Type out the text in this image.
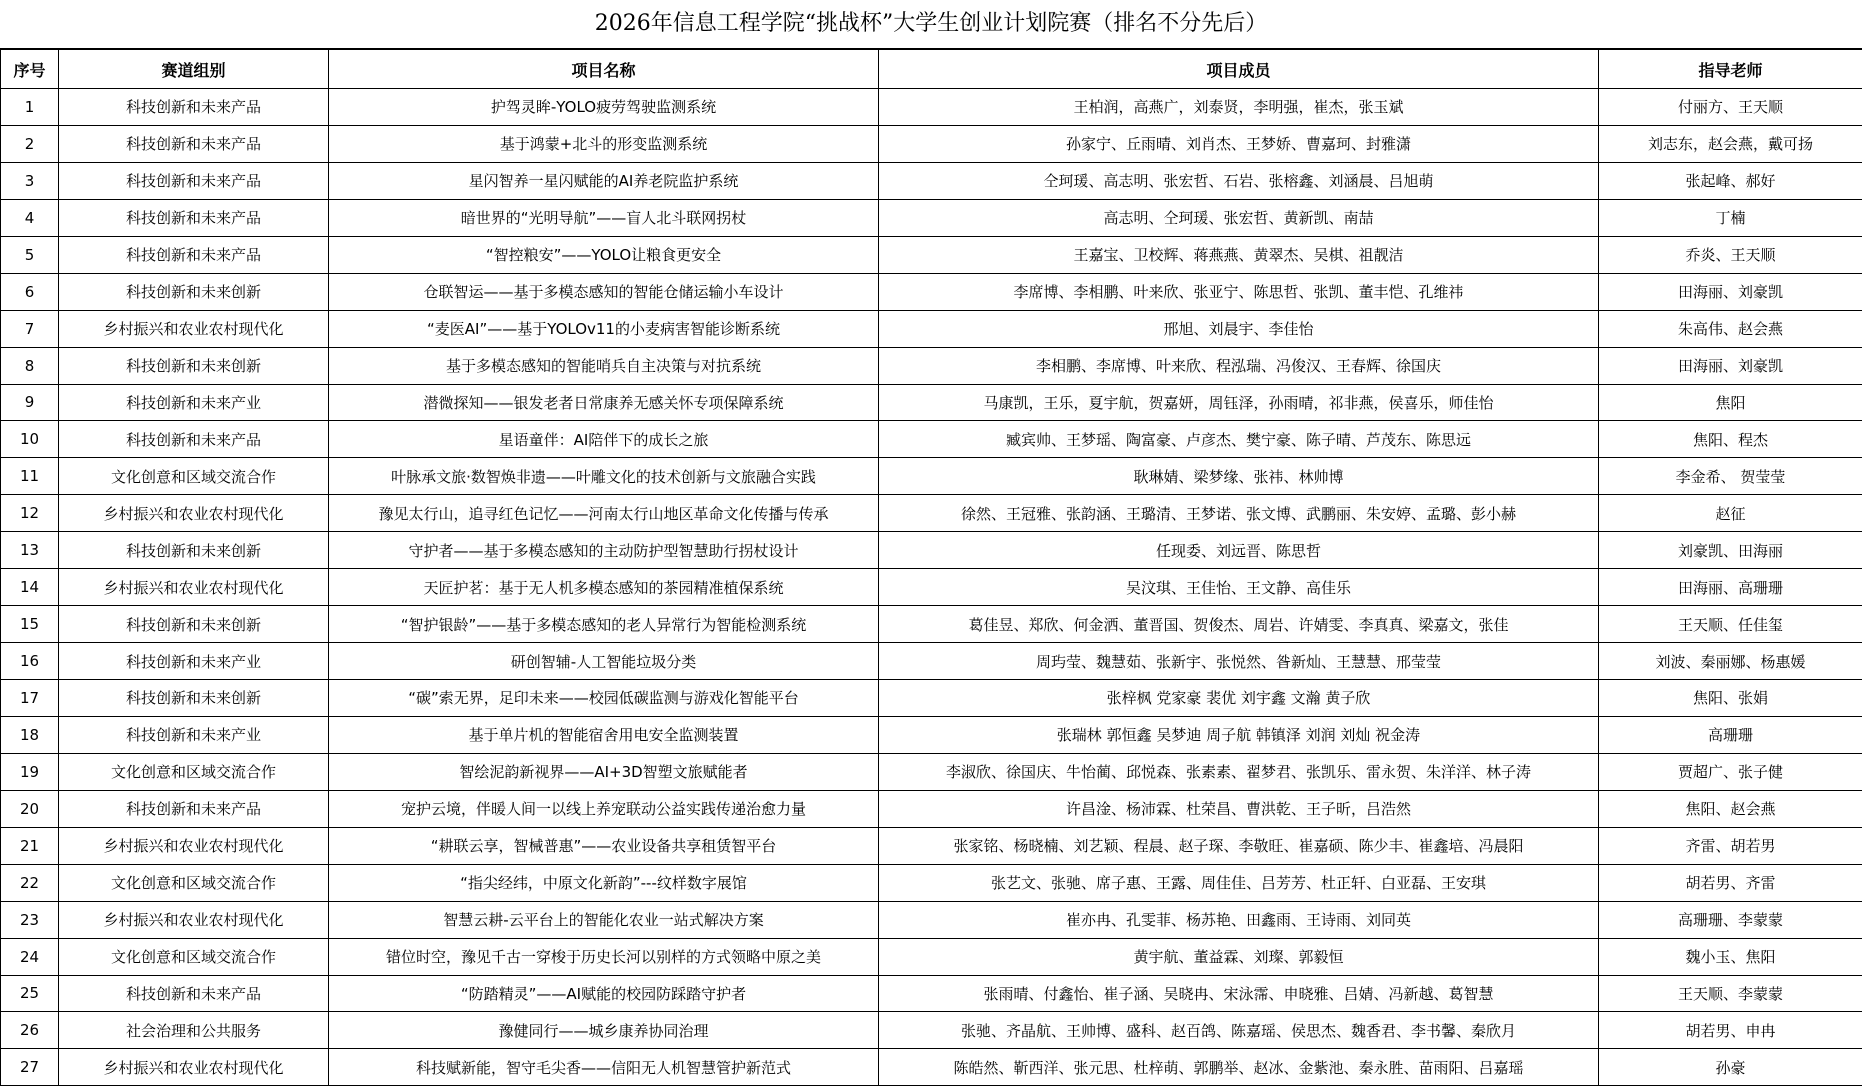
2026年信息工程学院“挑战杯”大学生创业计划院赛（排名不分先后）
序号	赛道组别	项目名称	项目成员	指导老师
1	科技创新和未来产品	护驾灵眸-YOLO疲劳驾驶监测系统	王柏润，高燕广，刘泰贤，李明强，崔杰，张玉斌	付丽方、王天顺
2	科技创新和未来产品	基于鸿蒙+北斗的形变监测系统	孙家宁、丘雨晴、刘肖杰、王梦娇、曹嘉珂、封雅潇	刘志东，赵会燕，戴可扬
3	科技创新和未来产品	星闪智养一星闪赋能的AI养老院监护系统	仝珂瑗、高志明、张宏哲、石岩、张榕鑫、刘涵晨、吕旭萌	张起峰、郝好
4	科技创新和未来产品	暗世界的“光明导航”——盲人北斗联网拐杖	高志明、仝珂瑗、张宏哲、黄新凯、南喆	丁楠
5	科技创新和未来产品	“智控粮安”——YOLO让粮食更安全	王嘉宝、卫校辉、蒋燕燕、黄翠杰、吴棋、祖靓洁	乔炎、王天顺
6	科技创新和未来创新	仓联智运——基于多模态感知的智能仓储运输小车设计	李席博、李相鹏、叶来欣、张亚宁、陈思哲、张凯、董丰恺、孔维祎	田海丽、刘豪凯
7	乡村振兴和农业农村现代化	“麦医AI”——基于YOLOv11的小麦病害智能诊断系统	邢旭、刘晨宇、李佳怡	朱高伟、赵会燕
8	科技创新和未来创新	基于多模态感知的智能哨兵自主决策与对抗系统	李相鹏、李席博、叶来欣、程泓瑞、冯俊汉、王春辉、徐国庆	田海丽、刘豪凯
9	科技创新和未来产业	潜微探知——银发老者日常康养无感关怀专项保障系统	马康凯，王乐，夏宇航，贺嘉妍，周钰泽，孙雨晴，祁非燕，侯喜乐，师佳怡	焦阳
10	科技创新和未来产品	星语童伴：AI陪伴下的成长之旅	臧宾帅、王梦瑶、陶富豪、卢彦杰、樊宁豪、陈子晴、芦茂东、陈思远	焦阳、程杰
11	文化创意和区域交流合作	叶脉承文旅·数智焕非遗——叶雕文化的技术创新与文旅融合实践	耿琳婧、梁梦缘、张祎、林帅博	李金希、 贺莹莹
12	乡村振兴和农业农村现代化	豫见太行山，追寻红色记忆——河南太行山地区革命文化传播与传承	徐然、王冠雅、张韵涵、王璐清、王梦诺、张文博、武鹏丽、朱安婷、孟璐、彭小赫	赵征
13	科技创新和未来创新	守护者——基于多模态感知的主动防护型智慧助行拐杖设计	任现委、刘远晋、陈思哲	刘豪凯、田海丽
14	乡村振兴和农业农村现代化	天匠护茗：基于无人机多模态感知的茶园精准植保系统	吴汶琪、王佳怡、王文静、高佳乐	田海丽、高珊珊
15	科技创新和未来创新	“智护银龄”——基于多模态感知的老人异常行为智能检测系统	葛佳昱、郑欣、何金洒、董晋国、贺俊杰、周岩、许婧雯、李真真、梁嘉文，张佳	王天顺、任佳玺
16	科技创新和未来产业	研创智辅-人工智能垃圾分类	周玙莹、魏慧茹、张新宇、张悦然、昝新灿、王慧慧、邢莹莹	刘波、秦丽娜、杨惠媛
17	科技创新和未来创新	“碳”索无界，足印未来——校园低碳监测与游戏化智能平台	张梓枫 党家豪 裴优 刘宇鑫 文瀚 黄子欣	焦阳、张娟
18	科技创新和未来产业	基于单片机的智能宿舍用电安全监测装置	张瑞林 郭恒鑫 吴梦迪 周子航 韩镇泽 刘润 刘灿 祝金涛	高珊珊
19	文化创意和区域交流合作	智绘泥韵新视界——AI+3D智塑文旅赋能者	李淑欣、徐国庆、牛怡蔺、邱悦森、张素素、翟梦君、张凯乐、雷永贺、朱洋洋、林子涛	贾超广、张子健
20	科技创新和未来产品	宠护云境，伴暖人间一以线上养宠联动公益实践传递治愈力量	许昌淦、杨沛霖、杜荣昌、曹洪乾、王子昕，吕浩然	焦阳、赵会燕
21	乡村振兴和农业农村现代化	“耕联云享，智械普惠”——农业设备共享租赁智平台	张家铭、杨晓楠、刘艺颖、程晨、赵子琛、李敬旺、崔嘉硕、陈少丰、崔鑫培、冯晨阳	齐雷、胡若男
22	文化创意和区域交流合作	“指尖经纬，中原文化新韵”---纹样数字展馆	张艺文、张驰、席子惠、王露、周佳佳、吕芳芳、杜正轩、白亚磊、王安琪	胡若男、齐雷
23	乡村振兴和农业农村现代化	智慧云耕-云平台上的智能化农业一站式解决方案	崔亦冉、孔雯菲、杨苏艳、田鑫雨、王诗雨、刘同英	高珊珊、李蒙蒙
24	文化创意和区域交流合作	错位时空，豫见千古一穿梭于历史长河以别样的方式领略中原之美	黄宇航、董益霖、刘璨、郭毅恒	魏小玉、焦阳
25	科技创新和未来产品	“防踏精灵”——AI赋能的校园防踩踏守护者	张雨晴、付鑫怡、崔子涵、吴晓冉、宋泳霈、申晓雅、吕婧、冯新越、葛智慧	王天顺、李蒙蒙
26	社会治理和公共服务	豫健同行——城乡康养协同治理	张驰、齐晶航、王帅博、盛科、赵百鸽、陈嘉瑶、侯思杰、魏香君、李书馨、秦欣月	胡若男、申冉
27	乡村振兴和农业农村现代化	科技赋新能，智守毛尖香——信阳无人机智慧管护新范式	陈皓然、靳西洋、张元思、杜梓萌、郭鹏举、赵冰、金紫池、秦永胜、苗雨阳、吕嘉瑶	孙豪
